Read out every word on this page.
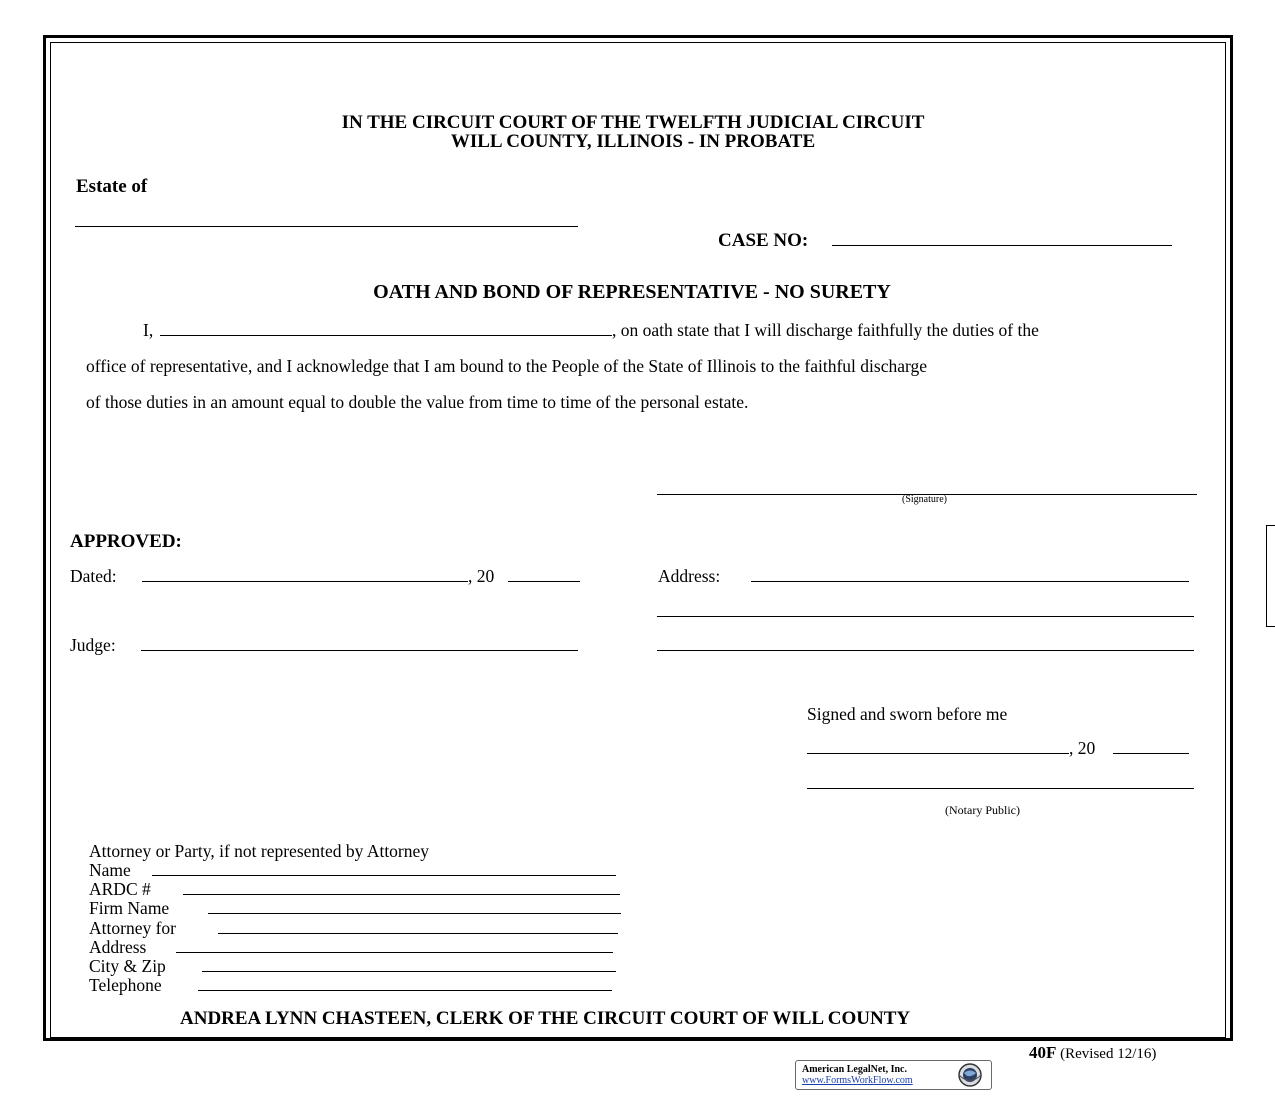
IN THE CIRCUIT COURT OF THE TWELFTH JUDICIAL CIRCUIT
WILL COUNTY, ILLINOIS - IN PROBATE
Estate of
CASE NO:
OATH AND BOND OF REPRESENTATIVE - NO SURETY
I,	, on oath state that I will discharge faithfully the duties of the
office of representative, and I acknowledge that I am bound to the People of the State of Illinois to the faithful discharge
of those duties in an amount equal to double the value from time to time of the personal estate.
(Signature)
APPROVED:
Dated:	, 20
Judge:
Address:
Signed and sworn before me
, 20
(Notary Public)
Attorney or Party, if not represented by Attorney
Name
ARDC #
Firm Name
Attorney for
Address
City & Zip
Telephone
ANDREA LYNN CHASTEEN, CLERK OF THE CIRCUIT COURT OF WILL COUNTY
40F (Revised 12/16)
American LegalNet, Inc.
www.FormsWorkFlow.com
